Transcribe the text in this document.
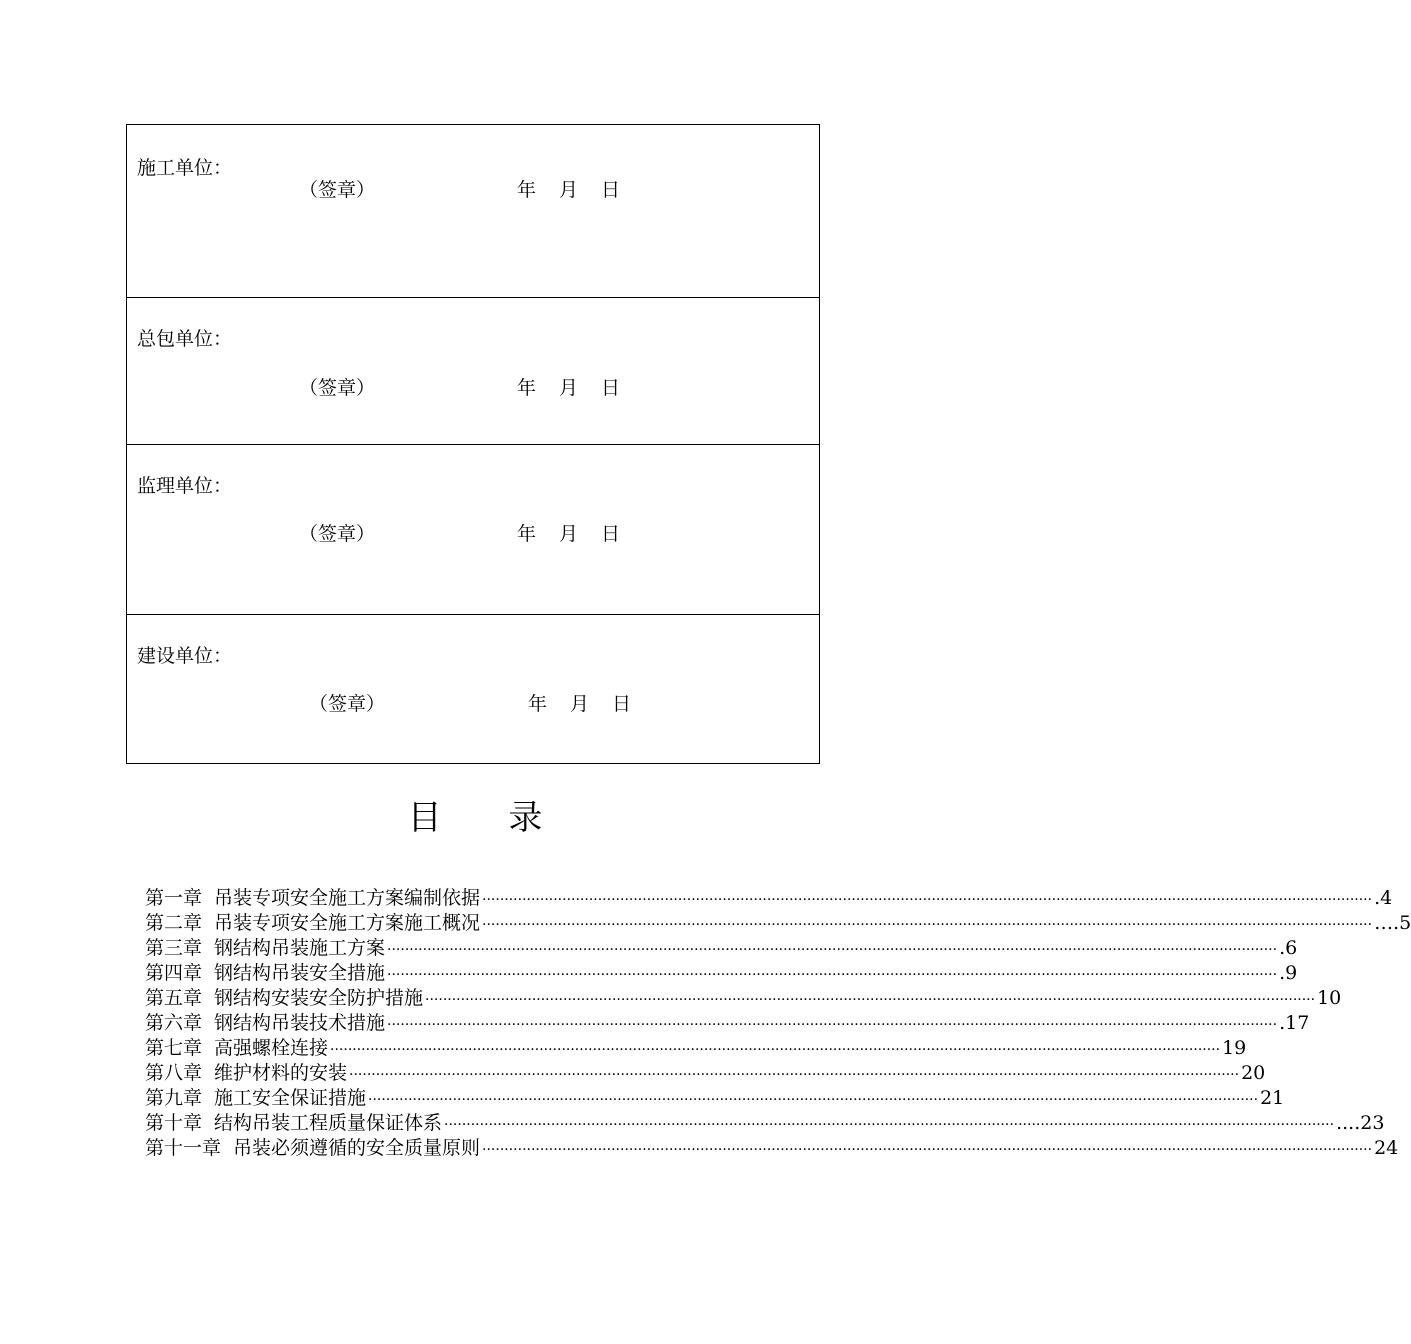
施工单位：
（签章）	年 月 日
总包单位：
（签章）	年 月 日
监理单位：
（签章）	年 月 日
建设单位：
（签章）	年 月 日
目 录
第一章 吊装专项安全施工方案编制依据 ········································································································································································································ .4
第二章 吊装专项安全施工方案施工概况 ········································································································································································································ ….5
第三章 钢结构吊装施工方案 ········································································································································································································ .6
第四章 钢结构吊装安全措施 ········································································································································································································ .9
第五章 钢结构安装安全防护措施 ········································································································································································································ 10
第六章 钢结构吊装技术措施 ········································································································································································································ .17
第七章 高强螺栓连接 ········································································································································································································ 19
第八章 维护材料的安装 ········································································································································································································ 20
第九章 施工安全保证措施 ········································································································································································································ 21
第十章 结构吊装工程质量保证体系 ········································································································································································································ ....23
第十一章 吊装必须遵循的安全质量原则 ········································································································································································································ 24
